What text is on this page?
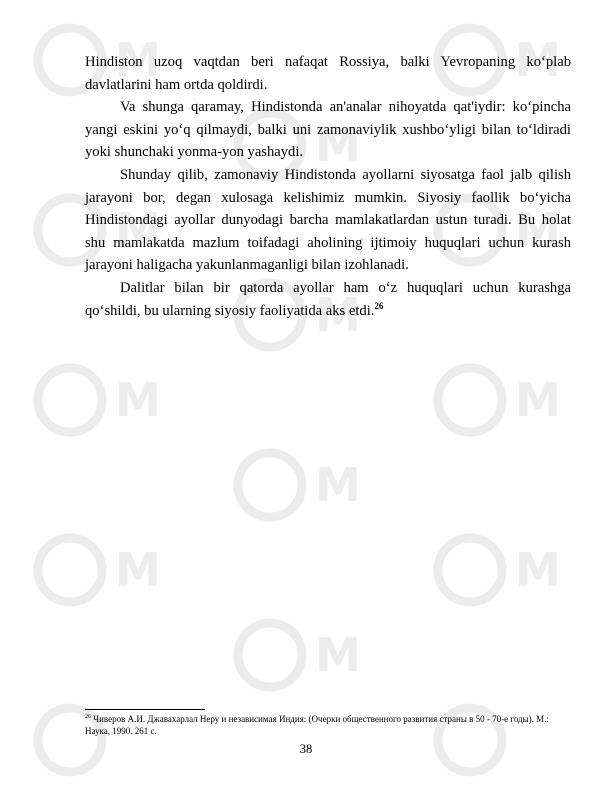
M
M
M
M
M
M
M
M
M
M
M
M

Hindiston uzoq vaqtdan beri nafaqat Rossiya, balki Yevropaning ko‘plab davlatlarini ham ortda qoldirdi.

Va shunga qaramay, Hindistonda an'analar nihoyatda qat'iydir: ko‘pincha yangi eskini yo‘q qilmaydi, balki uni zamonaviylik xushbo‘yligi bilan to‘ldiradi yoki shunchaki yonma-yon yashaydi.

Shunday qilib, zamonaviy Hindistonda ayollarni siyosatga faol jalb qilish jarayoni bor, degan xulosaga kelishimiz mumkin. Siyosiy faollik bo‘yicha Hindistondagi ayollar dunyodagi barcha mamlakatlardan ustun turadi. Bu holat shu mamlakatda mazlum toifadagi aholining ijtimoiy huquqlari uchun kurash jarayoni haligacha yakunlanmaganligi bilan izohlanadi.

Dalitlar bilan bir qatorda ayollar ham o‘z huquqlari uchun kurashga qo‘shildi, bu ularning siyosiy faoliyatida aks etdi.$^{26}$

$^{26}$ Чиверов А.И. Джавахарлал Неру и независимая Индия: (Очерки общественного развития страны в 50 - 70-е годы). М.: Наука, 1990. 261 с.
38
